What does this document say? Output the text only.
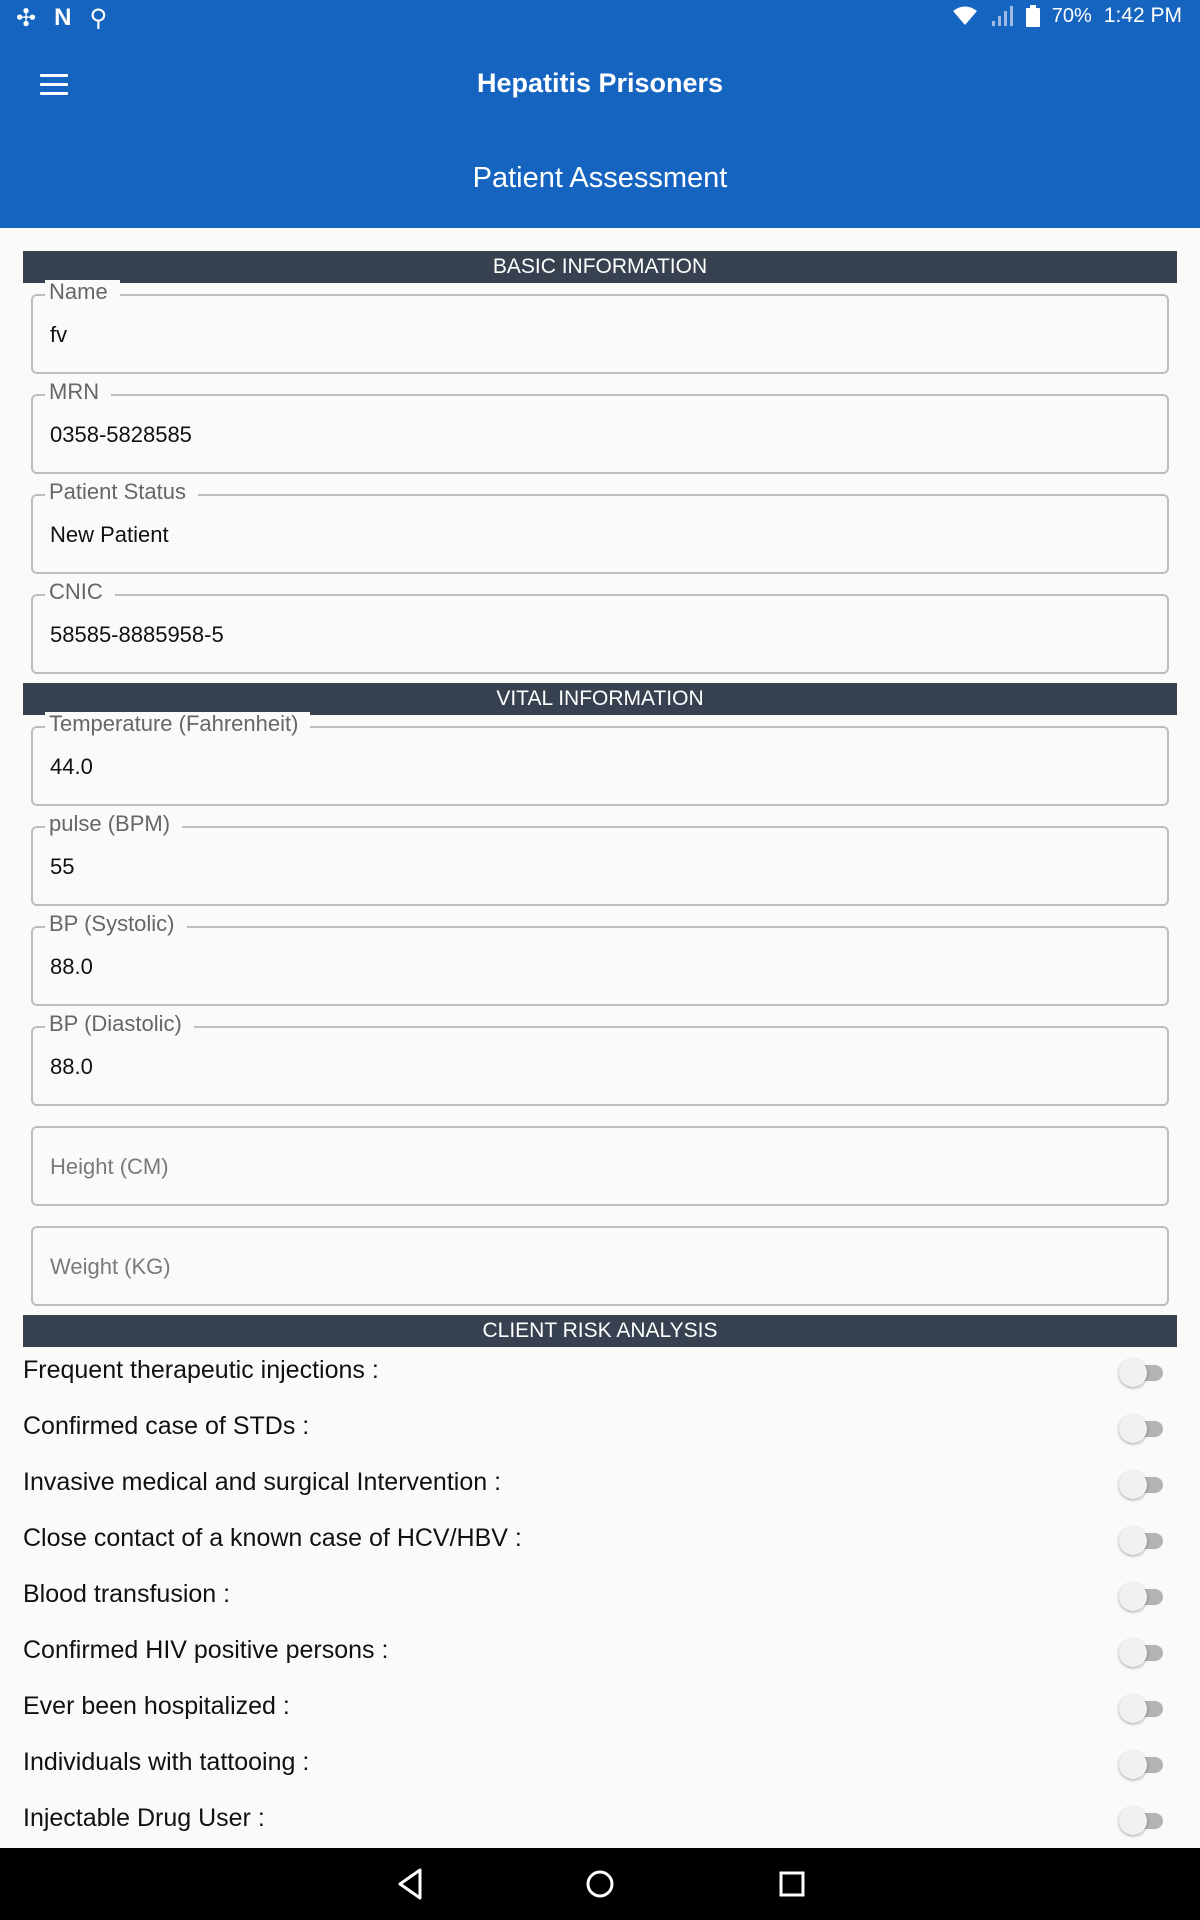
✣ N ⚲	70% 1:42 PM
Hepatitis Prisoners
Patient Assessment
BASIC INFORMATION
Name
fv
MRN
0358-5828585
Patient Status
New Patient
CNIC
58585-8885958-5
VITAL INFORMATION
Temperature (Fahrenheit)
44.0
pulse (BPM)
55
BP (Systolic)
88.0
BP (Diastolic)
88.0
Height (CM)
Weight (KG)
CLIENT RISK ANALYSIS
Frequent therapeutic injections :
Confirmed case of STDs :
Invasive medical and surgical Intervention :
Close contact of a known case of HCV/HBV :
Blood transfusion :
Confirmed HIV positive persons :
Ever been hospitalized :
Individuals with tattooing :
Injectable Drug User :
